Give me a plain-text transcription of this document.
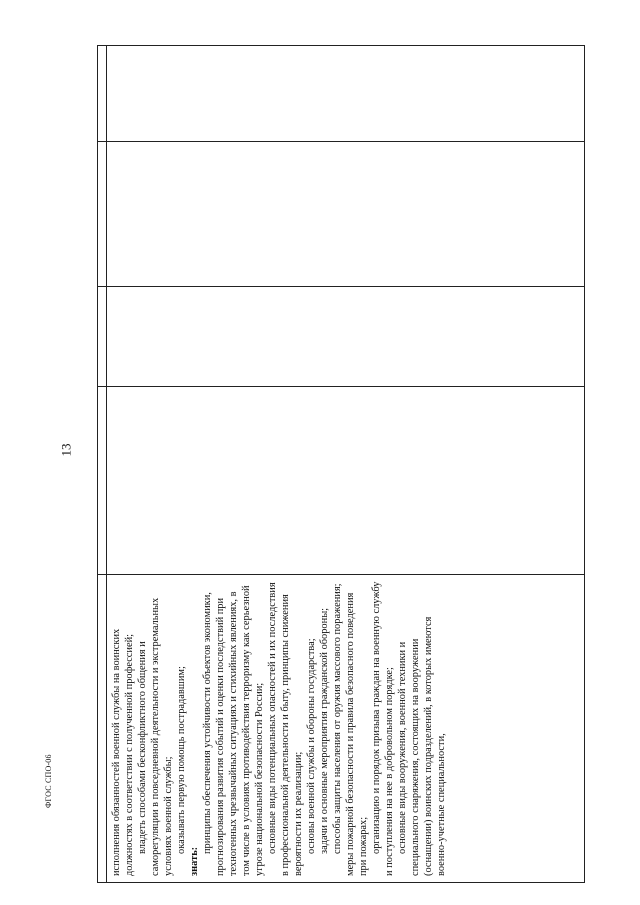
13
ФГОС СПО-06	исполнения обязанностей военной службы на воинских должностях в соответствии с полученной профессией; владеть способами бесконфликтного общения и саморегуляции в повседневной деятельности и экстремальных условиях военной службы; оказывать первую помощь пострадавшим;

знать:

принципы обеспечения устойчивости объектов экономики, прогнозирования развития событий и оценки последствий при техногенных чрезвычайных ситуациях и стихийных явлениях, в том числе в условиях противодействия терроризму как серьезной угрозе национальной безопасности России; основные виды потенциальных опасностей и их последствия в профессиональной деятельности и быту, принципы снижения вероятности их реализации; основы военной службы и обороны государства; задачи и основные мероприятия гражданской обороны; способы защиты населения от оружия массового поражения; меры пожарной безопасности и правила безопасного поведения при пожарах; организацию и порядок призыва граждан на военную службу и поступления на нее в добровольном порядке; основные виды вооружения, военной техники и специального снаряжения, состоящих на вооружении (оснащении) воинских подразделений, в которых имеются военно-учетные специальности,
